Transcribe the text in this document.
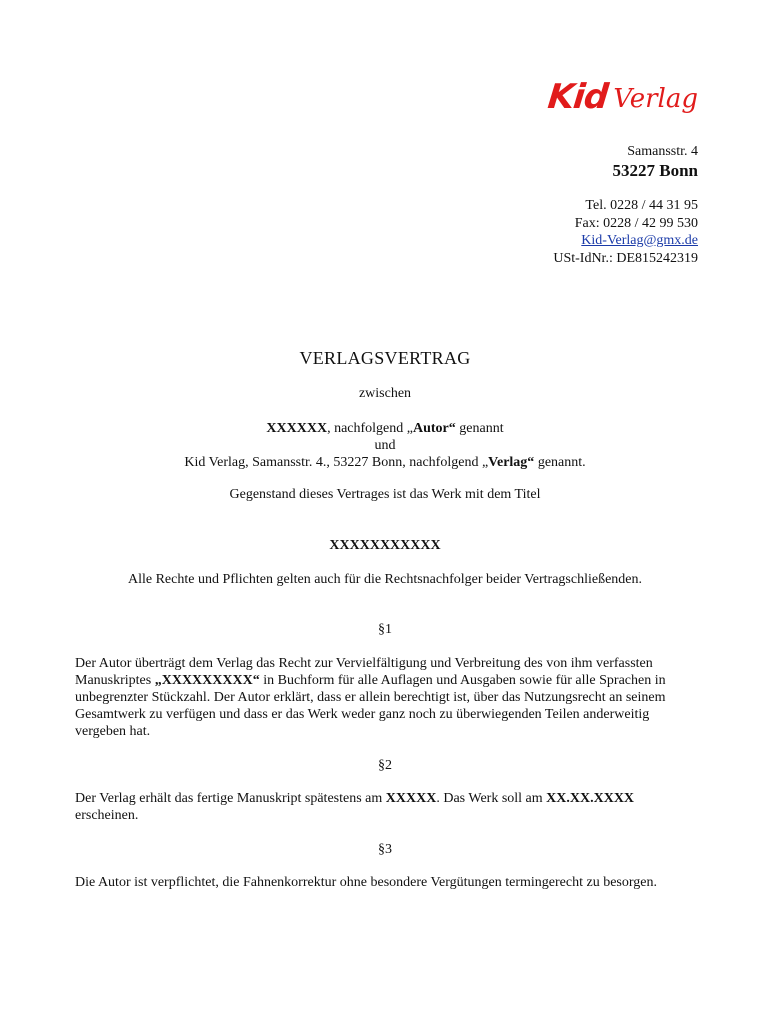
Kid Verlag
Samansstr. 4
53227 Bonn
Tel. 0228 / 44 31 95
Fax: 0228 / 42 99 530
Kid-Verlag@gmx.de
USt-IdNr.: DE815242319
VERLAGSVERTRAG
zwischen
XXXXXX, nachfolgend „Autor“ genannt
und
Kid Verlag, Samansstr. 4., 53227 Bonn, nachfolgend „Verlag“ genannt.
Gegenstand dieses Vertrages ist das Werk mit dem Titel
XXXXXXXXXXX
Alle Rechte und Pflichten gelten auch für die Rechtsnachfolger beider Vertragschließenden.
§1
Der Autor überträgt dem Verlag das Recht zur Vervielfältigung und Verbreitung des von ihm verfassten Manuskriptes „XXXXXXXXX“ in Buchform für alle Auflagen und Ausgaben sowie für alle Sprachen in unbegrenzter Stückzahl. Der Autor erklärt, dass er allein berechtigt ist, über das Nutzungsrecht an seinem Gesamtwerk zu verfügen und dass er das Werk weder ganz noch zu überwiegenden Teilen anderweitig vergeben hat.
§2
Der Verlag erhält das fertige Manuskript spätestens am XXXXX. Das Werk soll am XX.XX.XXXX erscheinen.
§3
Die Autor ist verpflichtet, die Fahnenkorrektur ohne besondere Vergütungen termingerecht zu besorgen.
